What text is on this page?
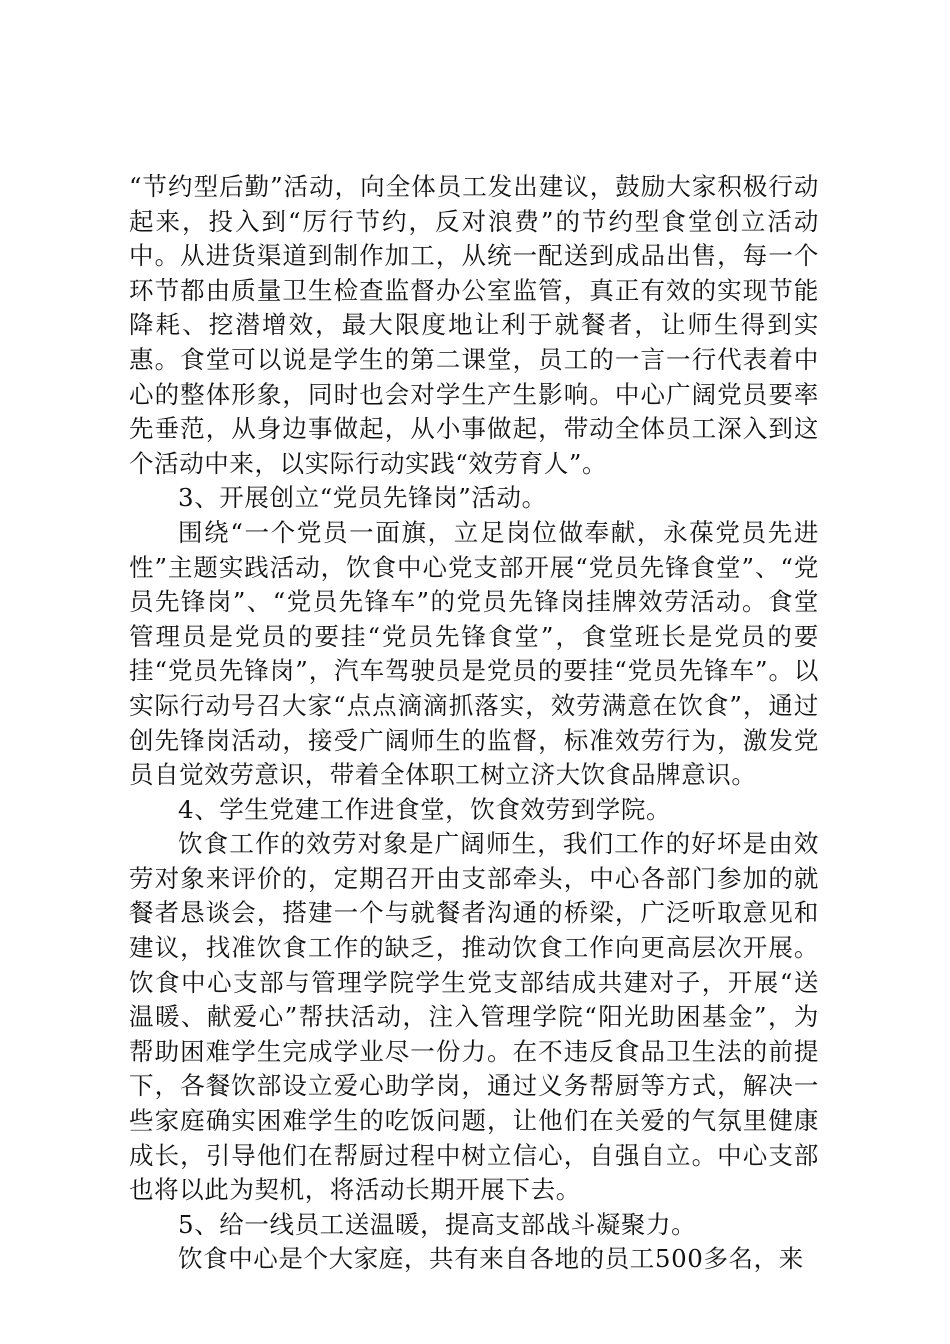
“节约型后勤”活动，向全体员工发出建议，鼓励大家积极行动起来，投入到“厉行节约，反对浪费”的节约型食堂创立活动中。从进货渠道到制作加工，从统一配送到成品出售，每一个环节都由质量卫生检查监督办公室监管，真正有效的实现节能降耗、挖潜增效，最大限度地让利于就餐者，让师生得到实惠。食堂可以说是学生的第二课堂，员工的一言一行代表着中心的整体形象，同时也会对学生产生影响。中心广阔党员要率先垂范，从身边事做起，从小事做起，带动全体员工深入到这个活动中来，以实际行动实践“效劳育人”。

3、开展创立“党员先锋岗”活动。

围绕“一个党员一面旗，立足岗位做奉献，永葆党员先进性”主题实践活动，饮食中心党支部开展“党员先锋食堂”、“党员先锋岗”、“党员先锋车”的党员先锋岗挂牌效劳活动。食堂管理员是党员的要挂“党员先锋食堂”，食堂班长是党员的要挂“党员先锋岗”，汽车驾驶员是党员的要挂“党员先锋车”。以实际行动号召大家“点点滴滴抓落实，效劳满意在饮食”，通过创先锋岗活动，接受广阔师生的监督，标准效劳行为，激发党员自觉效劳意识，带着全体职工树立济大饮食品牌意识。

4、学生党建工作进食堂，饮食效劳到学院。

饮食工作的效劳对象是广阔师生，我们工作的好坏是由效劳对象来评价的，定期召开由支部牵头，中心各部门参加的就餐者恳谈会，搭建一个与就餐者沟通的桥梁，广泛听取意见和建议，找准饮食工作的缺乏，推动饮食工作向更高层次开展。饮食中心支部与管理学院学生党支部结成共建对子，开展“送温暖、献爱心”帮扶活动，注入管理学院“阳光助困基金”，为帮助困难学生完成学业尽一份力。在不违反食品卫生法的前提下，各餐饮部设立爱心助学岗，通过义务帮厨等方式，解决一些家庭确实困难学生的吃饭问题，让他们在关爱的气氛里健康成长，引导他们在帮厨过程中树立信心，自强自立。中心支部也将以此为契机，将活动长期开展下去。

5、给一线员工送温暖，提高支部战斗凝聚力。

饮食中心是个大家庭，共有来自各地的员工500多名，来
